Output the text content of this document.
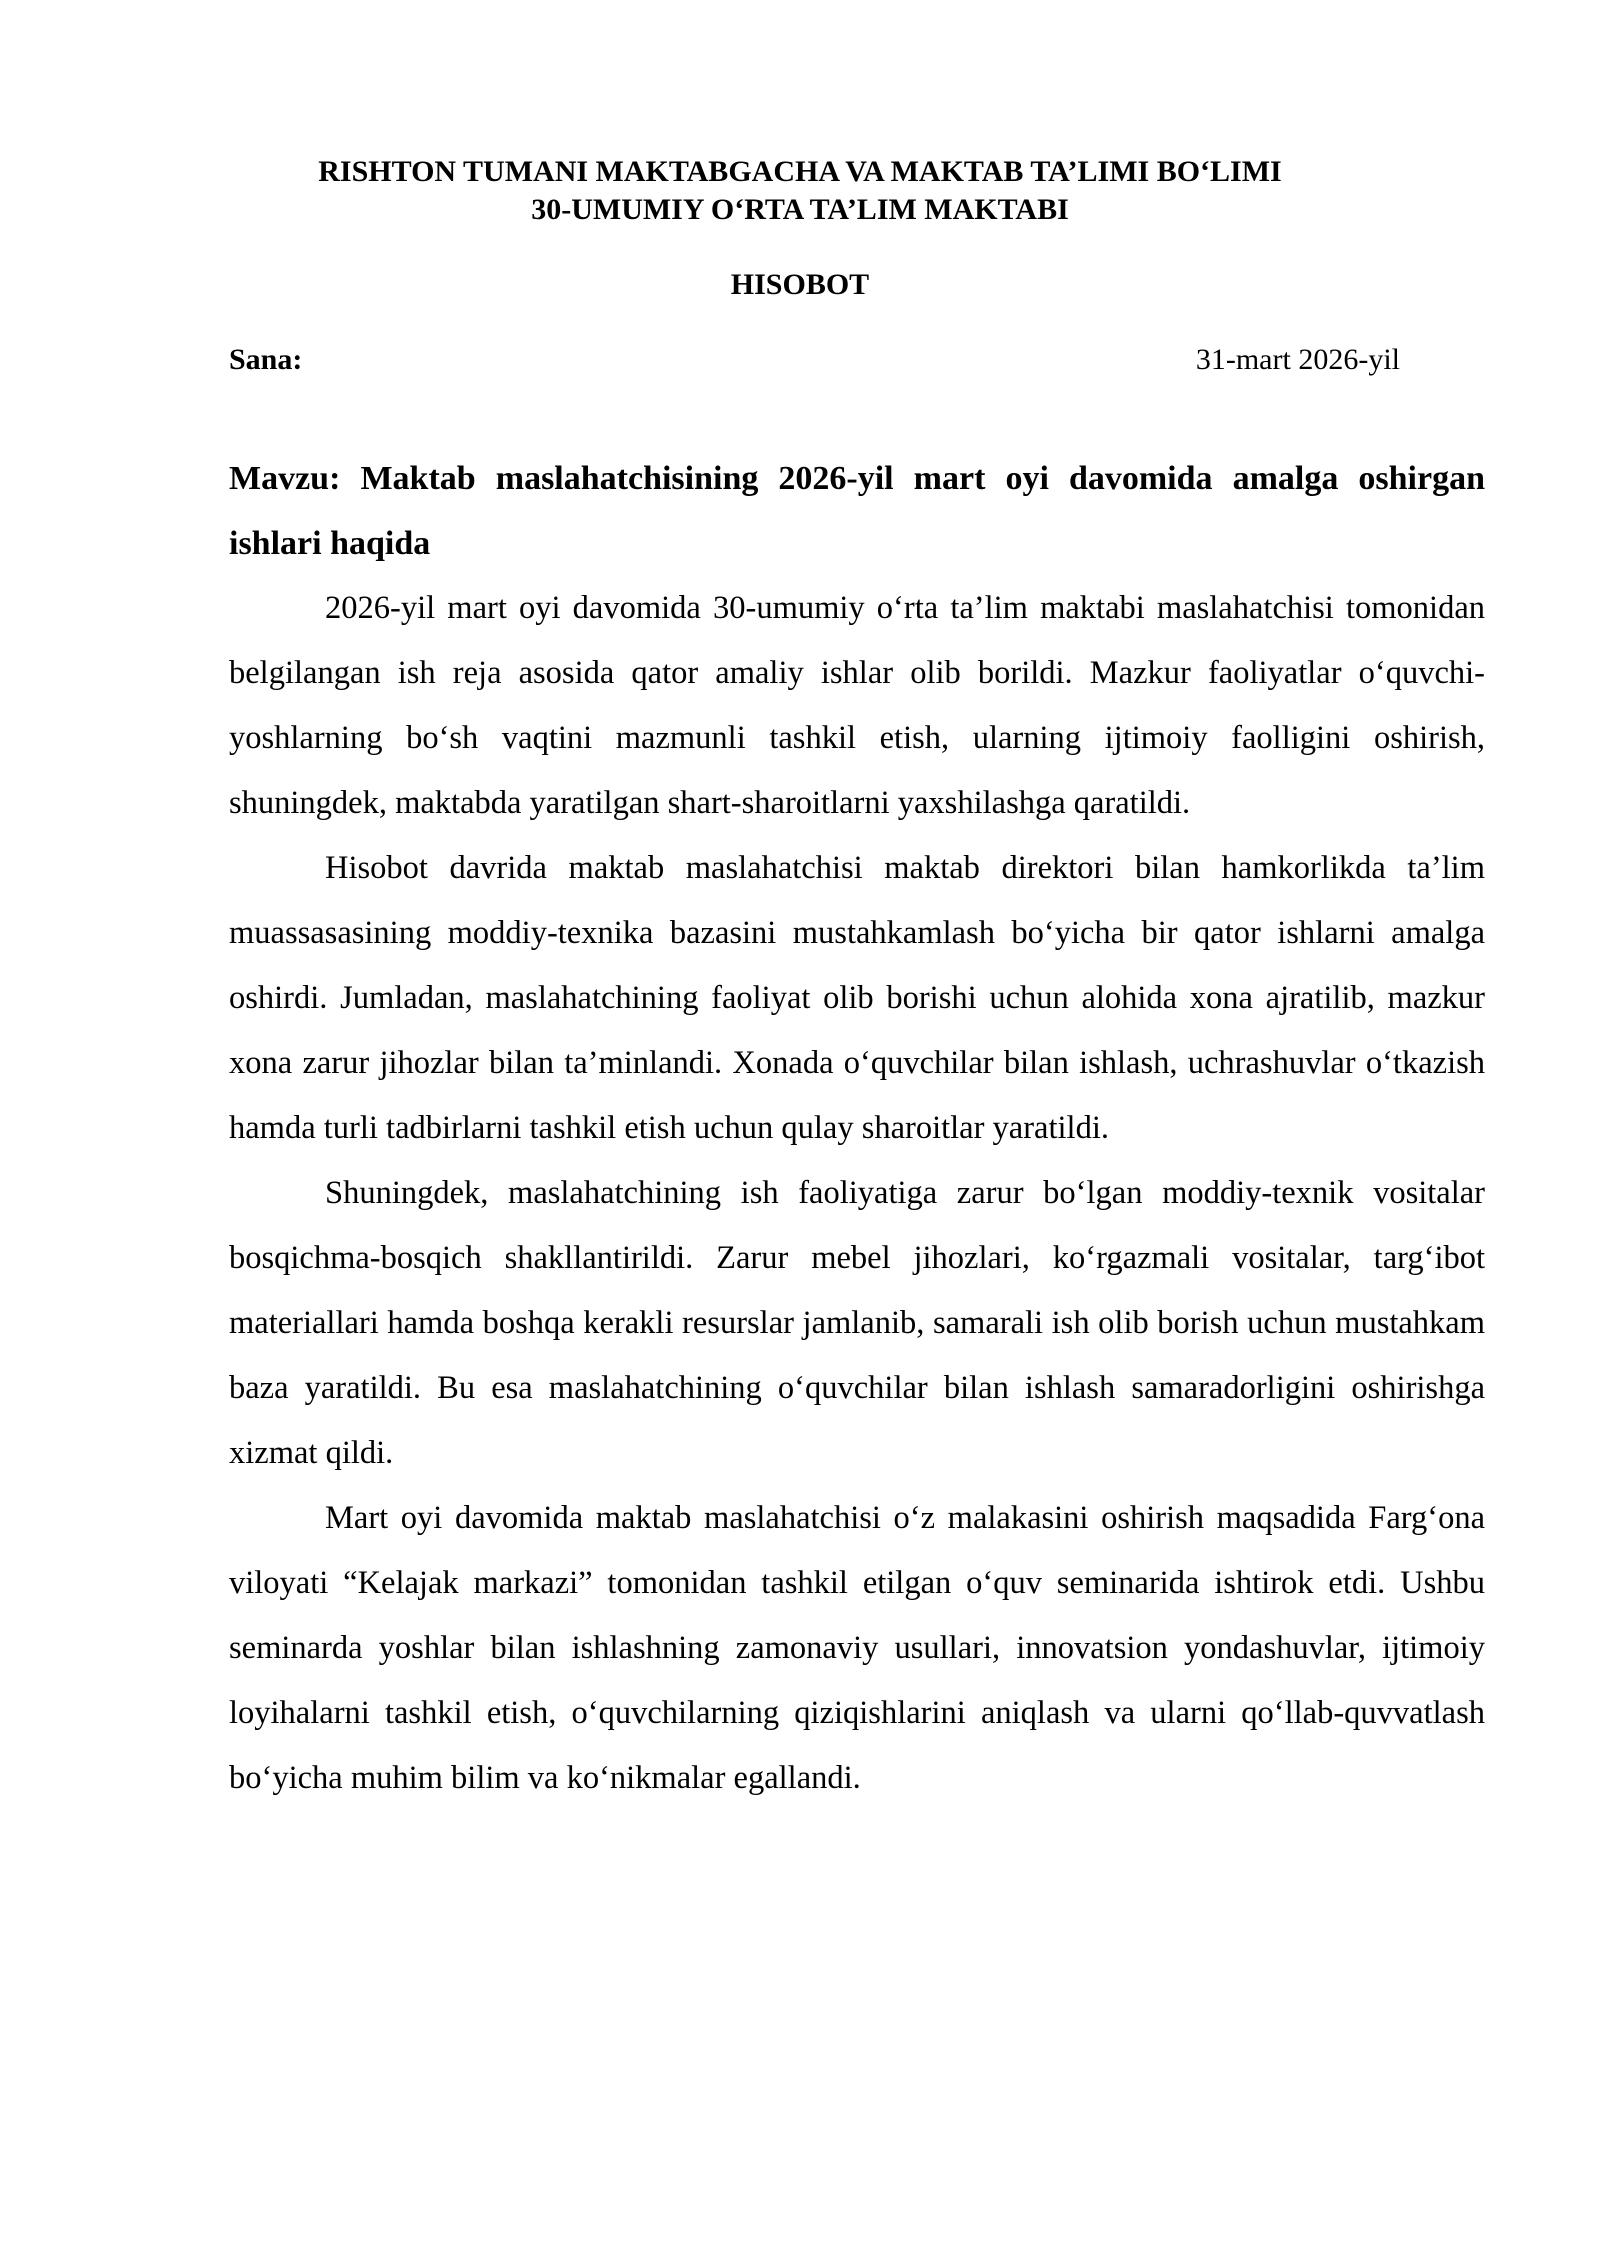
RISHTON TUMANI MAKTABGACHA VA MAKTAB TA’LIMI BO‘LIMI
30-UMUMIY O‘RTA TA’LIM MAKTABI
HISOBOT
Sana:	31-mart 2026-yil

Mavzu: Maktab maslahatchisining 2026-yil mart oyi davomida amalga oshirgan ishlari haqida

2026-yil mart oyi davomida 30-umumiy o‘rta ta’lim maktabi maslahatchisi tomonidan belgilangan ish reja asosida qator amaliy ishlar olib borildi. Mazkur faoliyatlar o‘quvchi-yoshlarning bo‘sh vaqtini mazmunli tashkil etish, ularning ijtimoiy faolligini oshirish, shuningdek, maktabda yaratilgan shart-sharoitlarni yaxshilashga qaratildi.

Hisobot davrida maktab maslahatchisi maktab direktori bilan hamkorlikda ta’lim muassasasining moddiy-texnika bazasini mustahkamlash bo‘yicha bir qator ishlarni amalga oshirdi. Jumladan, maslahatchining faoliyat olib borishi uchun alohida xona ajratilib, mazkur xona zarur jihozlar bilan ta’minlandi. Xonada o‘quvchilar bilan ishlash, uchrashuvlar o‘tkazish hamda turli tadbirlarni tashkil etish uchun qulay sharoitlar yaratildi.

Shuningdek, maslahatchining ish faoliyatiga zarur bo‘lgan moddiy-texnik vositalar bosqichma-bosqich shakllantirildi. Zarur mebel jihozlari, ko‘rgazmali vositalar, targ‘ibot materiallari hamda boshqa kerakli resurslar jamlanib, samarali ish olib borish uchun mustahkam baza yaratildi. Bu esa maslahatchining o‘quvchilar bilan ishlash samaradorligini oshirishga xizmat qildi.

Mart oyi davomida maktab maslahatchisi o‘z malakasini oshirish maqsadida Farg‘ona viloyati “Kelajak markazi” tomonidan tashkil etilgan o‘quv seminarida ishtirok etdi. Ushbu seminarda yoshlar bilan ishlashning zamonaviy usullari, innovatsion yondashuvlar, ijtimoiy loyihalarni tashkil etish, o‘quvchilarning qiziqishlarini aniqlash va ularni qo‘llab-quvvatlash bo‘yicha muhim bilim va ko‘nikmalar egallandi.
